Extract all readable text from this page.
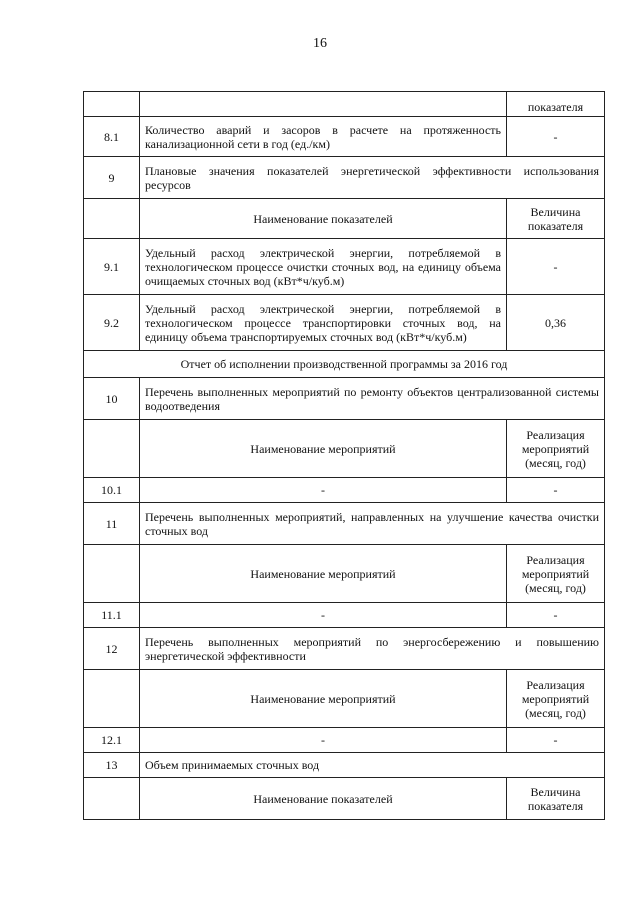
16
		показателя
8.1	Количество аварий и засоров в расчете на протяженность канализационной сети в год (ед./км)	-
9	Плановые значения показателей энергетической эффективности использования ресурсов	
	Наименование показателей	Величина показателя
9.1	Удельный расход электрической энергии, потребляемой в технологическом процессе очистки сточных вод, на единицу объема очищаемых сточных вод (кВт*ч/куб.м)	-
9.2	Удельный расход электрической энергии, потребляемой в технологическом процессе транспортировки сточных вод, на единицу объема транспортируемых сточных вод (кВт*ч/куб.м)	0,36
Отчет об исполнении производственной программы за 2016 год		
10	Перечень выполненных мероприятий по ремонту объектов централизованной системы водоотведения	
	Наименование мероприятий	Реализация мероприятий (месяц, год)
10.1	-	-
11	Перечень выполненных мероприятий, направленных на улучшение качества очистки сточных вод	
	Наименование мероприятий	Реализация мероприятий (месяц, год)
11.1	-	-
12	Перечень выполненных мероприятий по энергосбережению и повышению энергетической эффективности	
	Наименование мероприятий	Реализация мероприятий (месяц, год)
12.1	-	-
13	Объем принимаемых сточных вод	
	Наименование показателей	Величина показателя
